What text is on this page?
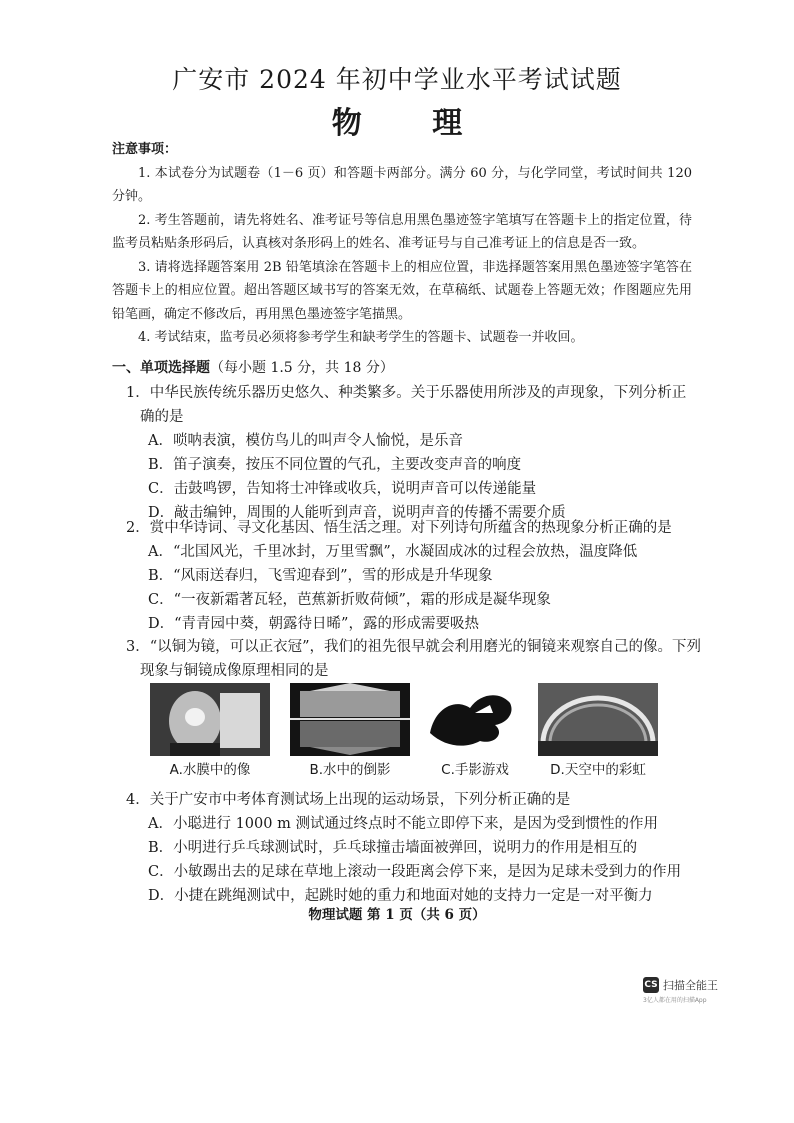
广安市 2024 年初中学业水平考试试题
物 理
注意事项：

1. 本试卷分为试题卷（1－6 页）和答题卡两部分。满分 60 分，与化学同堂，考试时间共 120 分钟。

2. 考生答题前，请先将姓名、准考证号等信息用黑色墨迹签字笔填写在答题卡上的指定位置，待监考员粘贴条形码后，认真核对条形码上的姓名、准考证号与自己准考证上的信息是否一致。

3. 请将选择题答案用 2B 铅笔填涂在答题卡上的相应位置，非选择题答案用黑色墨迹签字笔答在答题卡上的相应位置。超出答题区域书写的答案无效，在草稿纸、试题卷上答题无效；作图题应先用铅笔画，确定不修改后，再用黑色墨迹签字笔描黑。

4. 考试结束，监考员必须将参考学生和缺考学生的答题卡、试题卷一并收回。

一、单项选择题（每小题 1.5 分，共 18 分）

1．中华民族传统乐器历史悠久、种类繁多。关于乐器使用所涉及的声现象，下列分析正确的是

A．唢呐表演，模仿鸟儿的叫声令人愉悦，是乐音

B．笛子演奏，按压不同位置的气孔，主要改变声音的响度

C．击鼓鸣锣，告知将士冲锋或收兵，说明声音可以传递能量

D．敲击编钟，周围的人能听到声音，说明声音的传播不需要介质

2．赏中华诗词、寻文化基因、悟生活之理。对下列诗句所蕴含的热现象分析正确的是

A．“北国风光，千里冰封，万里雪飘”，水凝固成冰的过程会放热，温度降低

B．“风雨送春归，飞雪迎春到”，雪的形成是升华现象

C．“一夜新霜著瓦轻，芭蕉新折败荷倾”，霜的形成是凝华现象

D．“青青园中葵，朝露待日晞”，露的形成需要吸热

3．“以铜为镜，可以正衣冠”，我们的祖先很早就会利用磨光的铜镜来观察自己的像。下列现象与铜镜成像原理相同的是

A.水膜中的像	B.水中的倒影	C.手影游戏	D.天空中的彩虹

4．关于广安市中考体育测试场上出现的运动场景，下列分析正确的是

A．小聪进行 1000 m 测试通过终点时不能立即停下来，是因为受到惯性的作用

B．小明进行乒乓球测试时，乒乓球撞击墙面被弹回，说明力的作用是相互的

C．小敏踢出去的足球在草地上滚动一段距离会停下来，是因为足球未受到力的作用

D．小捷在跳绳测试中，起跳时她的重力和地面对她的支持力一定是一对平衡力

物理试题 第 1 页（共 6 页）
CS 扫描全能王
3亿人都在用的扫描App
